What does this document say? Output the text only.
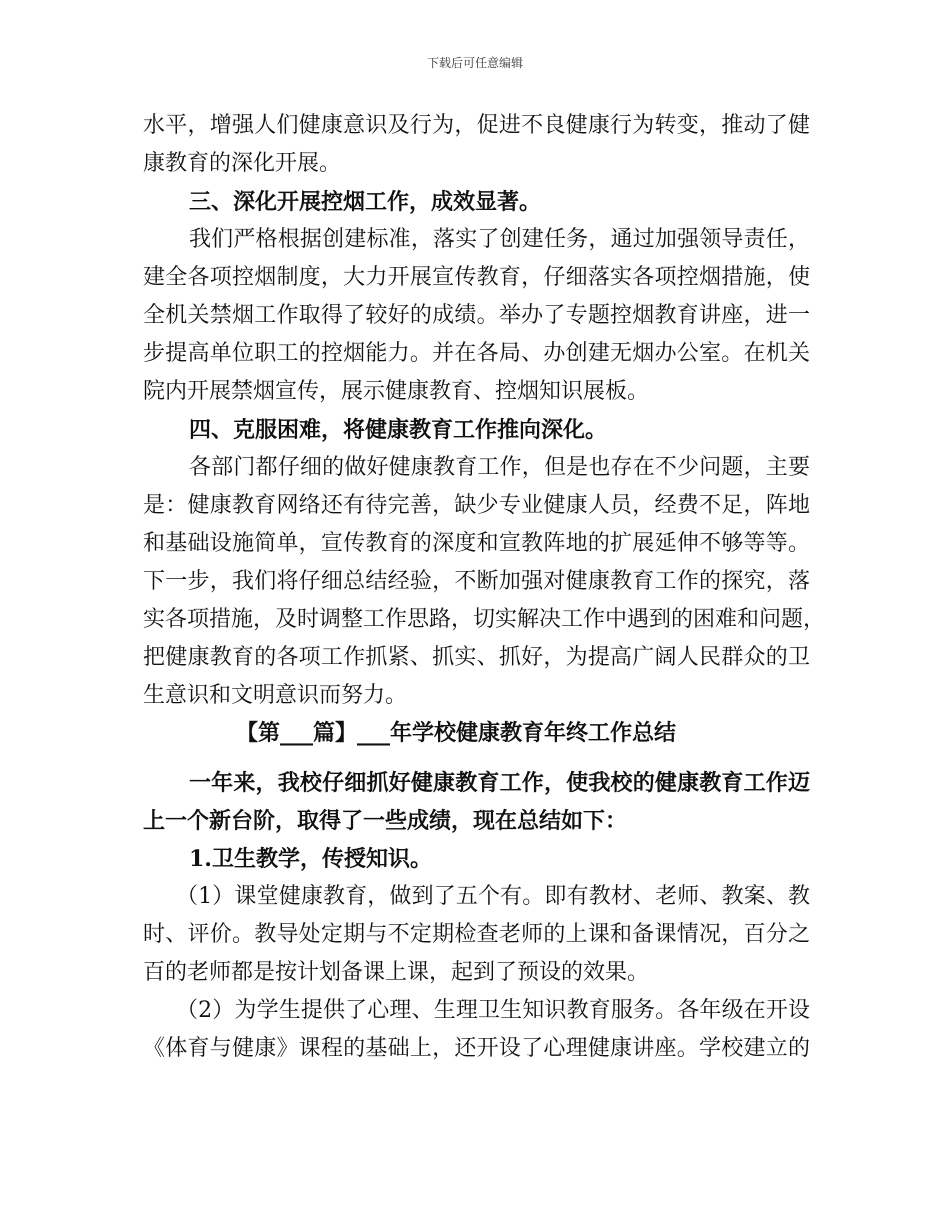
下载后可任意编辑
水平，增强人们健康意识及行为，促进不良健康行为转变，推动了健
康教育的深化开展。
三、深化开展控烟工作，成效显著。
我们严格根据创建标准，落实了创建任务，通过加强领导责任，
建全各项控烟制度，大力开展宣传教育，仔细落实各项控烟措施，使
全机关禁烟工作取得了较好的成绩。举办了专题控烟教育讲座，进一
步提高单位职工的控烟能力。并在各局、办创建无烟办公室。在机关
院内开展禁烟宣传，展示健康教育、控烟知识展板。
四、克服困难，将健康教育工作推向深化。
各部门都仔细的做好健康教育工作，但是也存在不少问题，主要
是：健康教育网络还有待完善，缺少专业健康人员，经费不足，阵地
和基础设施简单，宣传教育的深度和宣教阵地的扩展延伸不够等等。
下一步，我们将仔细总结经验，不断加强对健康教育工作的探究，落
实各项措施，及时调整工作思路，切实解决工作中遇到的困难和问题，
把健康教育的各项工作抓紧、抓实、抓好，为提高广阔人民群众的卫
生意识和文明意识而努力。
【第___篇】___年学校健康教育年终工作总结
一年来，我校仔细抓好健康教育工作，使我校的健康教育工作迈
上一个新台阶，取得了一些成绩，现在总结如下：
1.卫生教学，传授知识。
（1）课堂健康教育，做到了五个有。即有教材、老师、教案、教
时、评价。教导处定期与不定期检查老师的上课和备课情况，百分之
百的老师都是按计划备课上课，起到了预设的效果。
（2）为学生提供了心理、生理卫生知识教育服务。各年级在开设
《体育与健康》课程的基础上，还开设了心理健康讲座。学校建立的
